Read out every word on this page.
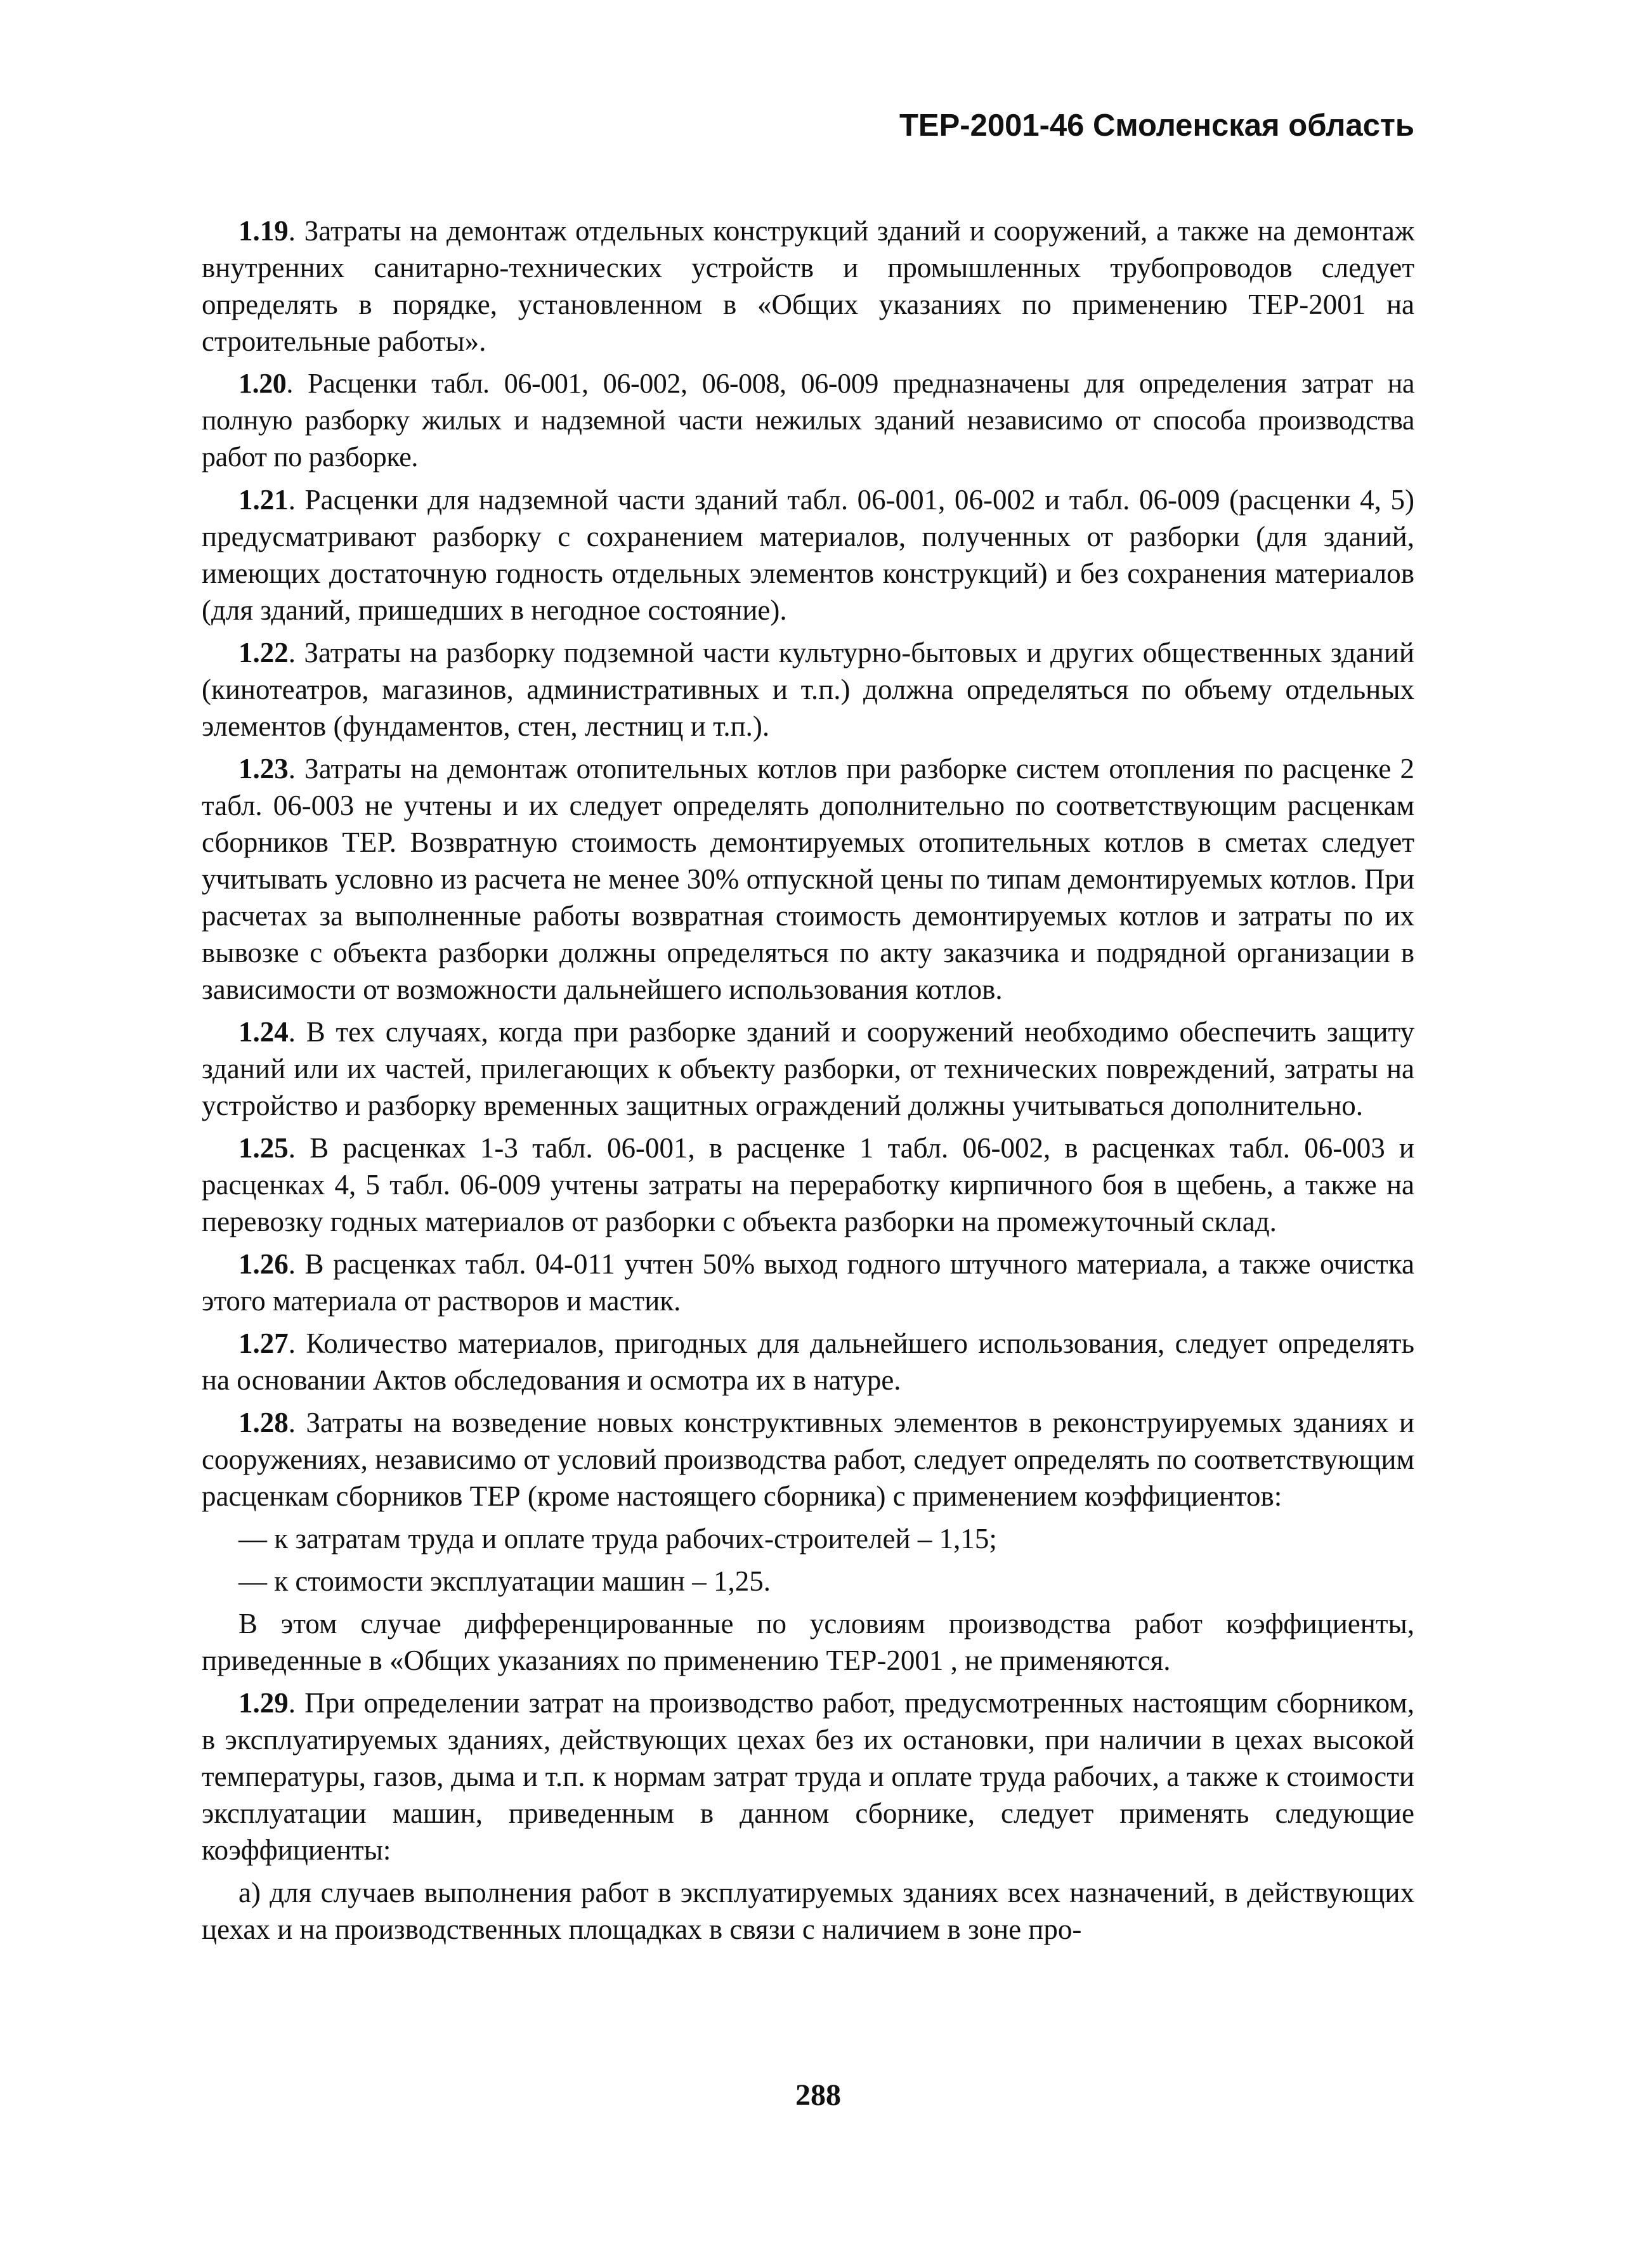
ТЕР-2001-46 Смоленская область

1.19. Затраты на демонтаж отдельных конструкций зданий и сооружений, а также на демонтаж внутренних санитарно-технических устройств и промышленных трубопроводов следует определять в порядке, установленном в «Общих указаниях по применению ТЕР-2001 на строительные работы».

1.20. Расценки табл. 06-001, 06-002, 06-008, 06-009 предназначены для определения затрат на полную разборку жилых и надземной части нежилых зданий независимо от способа производства работ по разборке.

1.21. Расценки для надземной части зданий табл. 06-001, 06-002 и табл. 06-009 (расценки 4, 5) предусматривают разборку с сохранением материалов, полученных от разборки (для зданий, имеющих достаточную годность отдельных элементов конструкций) и без сохранения материалов (для зданий, пришедших в негодное состояние).

1.22. Затраты на разборку подземной части культурно-бытовых и других общественных зданий (кинотеатров, магазинов, административных и т.п.) должна определяться по объему отдельных элементов (фундаментов, стен, лестниц и т.п.).

1.23. Затраты на демонтаж отопительных котлов при разборке систем отопления по расценке 2 табл. 06-003 не учтены и их следует определять дополнительно по соответствующим расценкам сборников ТЕР. Возвратную стоимость демонтируемых отопительных котлов в сметах следует учитывать условно из расчета не менее 30% отпускной цены по типам демонтируемых котлов. При расчетах за выполненные работы возвратная стоимость демонтируемых котлов и затраты по их вывозке с объекта разборки должны определяться по акту заказчика и подрядной организации в зависимости от возможности дальнейшего использования котлов.

1.24. В тех случаях, когда при разборке зданий и сооружений необходимо обеспечить защиту зданий или их частей, прилегающих к объекту разборки, от технических повреждений, затраты на устройство и разборку временных защитных ограждений должны учитываться дополнительно.

1.25. В расценках 1-3 табл. 06-001, в расценке 1 табл. 06-002, в расценках табл. 06-003 и расценках 4, 5 табл. 06-009 учтены затраты на переработку кирпичного боя в щебень, а также на перевозку годных материалов от разборки с объекта разборки на промежуточный склад.

1.26. В расценках табл. 04-011 учтен 50% выход годного штучного материала, а также очистка этого материала от растворов и мастик.

1.27. Количество материалов, пригодных для дальнейшего использования, следует определять на основании Актов обследования и осмотра их в натуре.

1.28. Затраты на возведение новых конструктивных элементов в реконструируемых зданиях и сооружениях, независимо от условий производства работ, следует определять по соответствующим расценкам сборников ТЕР (кроме настоящего сборника) с применением коэффициентов:

— к затратам труда и оплате труда рабочих-строителей – 1,15;

— к стоимости эксплуатации машин – 1,25.

В этом случае дифференцированные по условиям производства работ коэффициенты, приведенные в «Общих указаниях по применению ТЕР-2001 , не применяются.

1.29. При определении затрат на производство работ, предусмотренных настоящим сборником, в эксплуатируемых зданиях, действующих цехах без их остановки, при наличии в цехах высокой температуры, газов, дыма и т.п. к нормам затрат труда и оплате труда рабочих, а также к стоимости эксплуатации машин, приведенным в данном сборнике, следует применять следующие коэффициенты:

а) для случаев выполнения работ в эксплуатируемых зданиях всех назначений, в действующих цехах и на производственных площадках в связи с наличием в зоне про-

288
